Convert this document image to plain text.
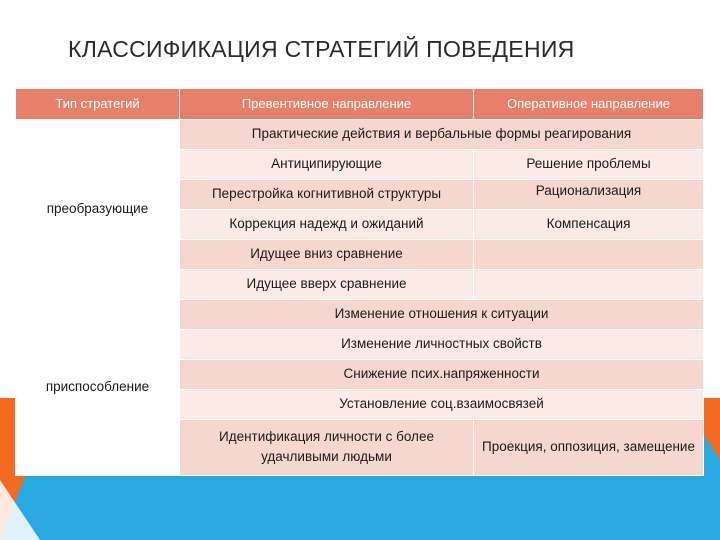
КЛАССИФИКАЦИЯ СТРАТЕГИЙ ПОВЕДЕНИЯ
Тип стратегий	Превентивное направление	Оперативное направление
преобразующие	Практические действия и вербальные формы реагирования	
	Антиципирующие	Решение проблемы
	Перестройка когнитивной структуры	Рационализация
	Коррекция надежд и ожиданий	Компенсация
	Идущее вниз сравнение	
	Идущее вверх сравнение	
приспособление	Изменение отношения к ситуации	
	Изменение личностных свойств	
	Снижение псих.напряженности	
	Установление соц.взаимосвязей	
	Идентификация личности с более удачливыми людьми	Проекция, оппозиция, замещение
